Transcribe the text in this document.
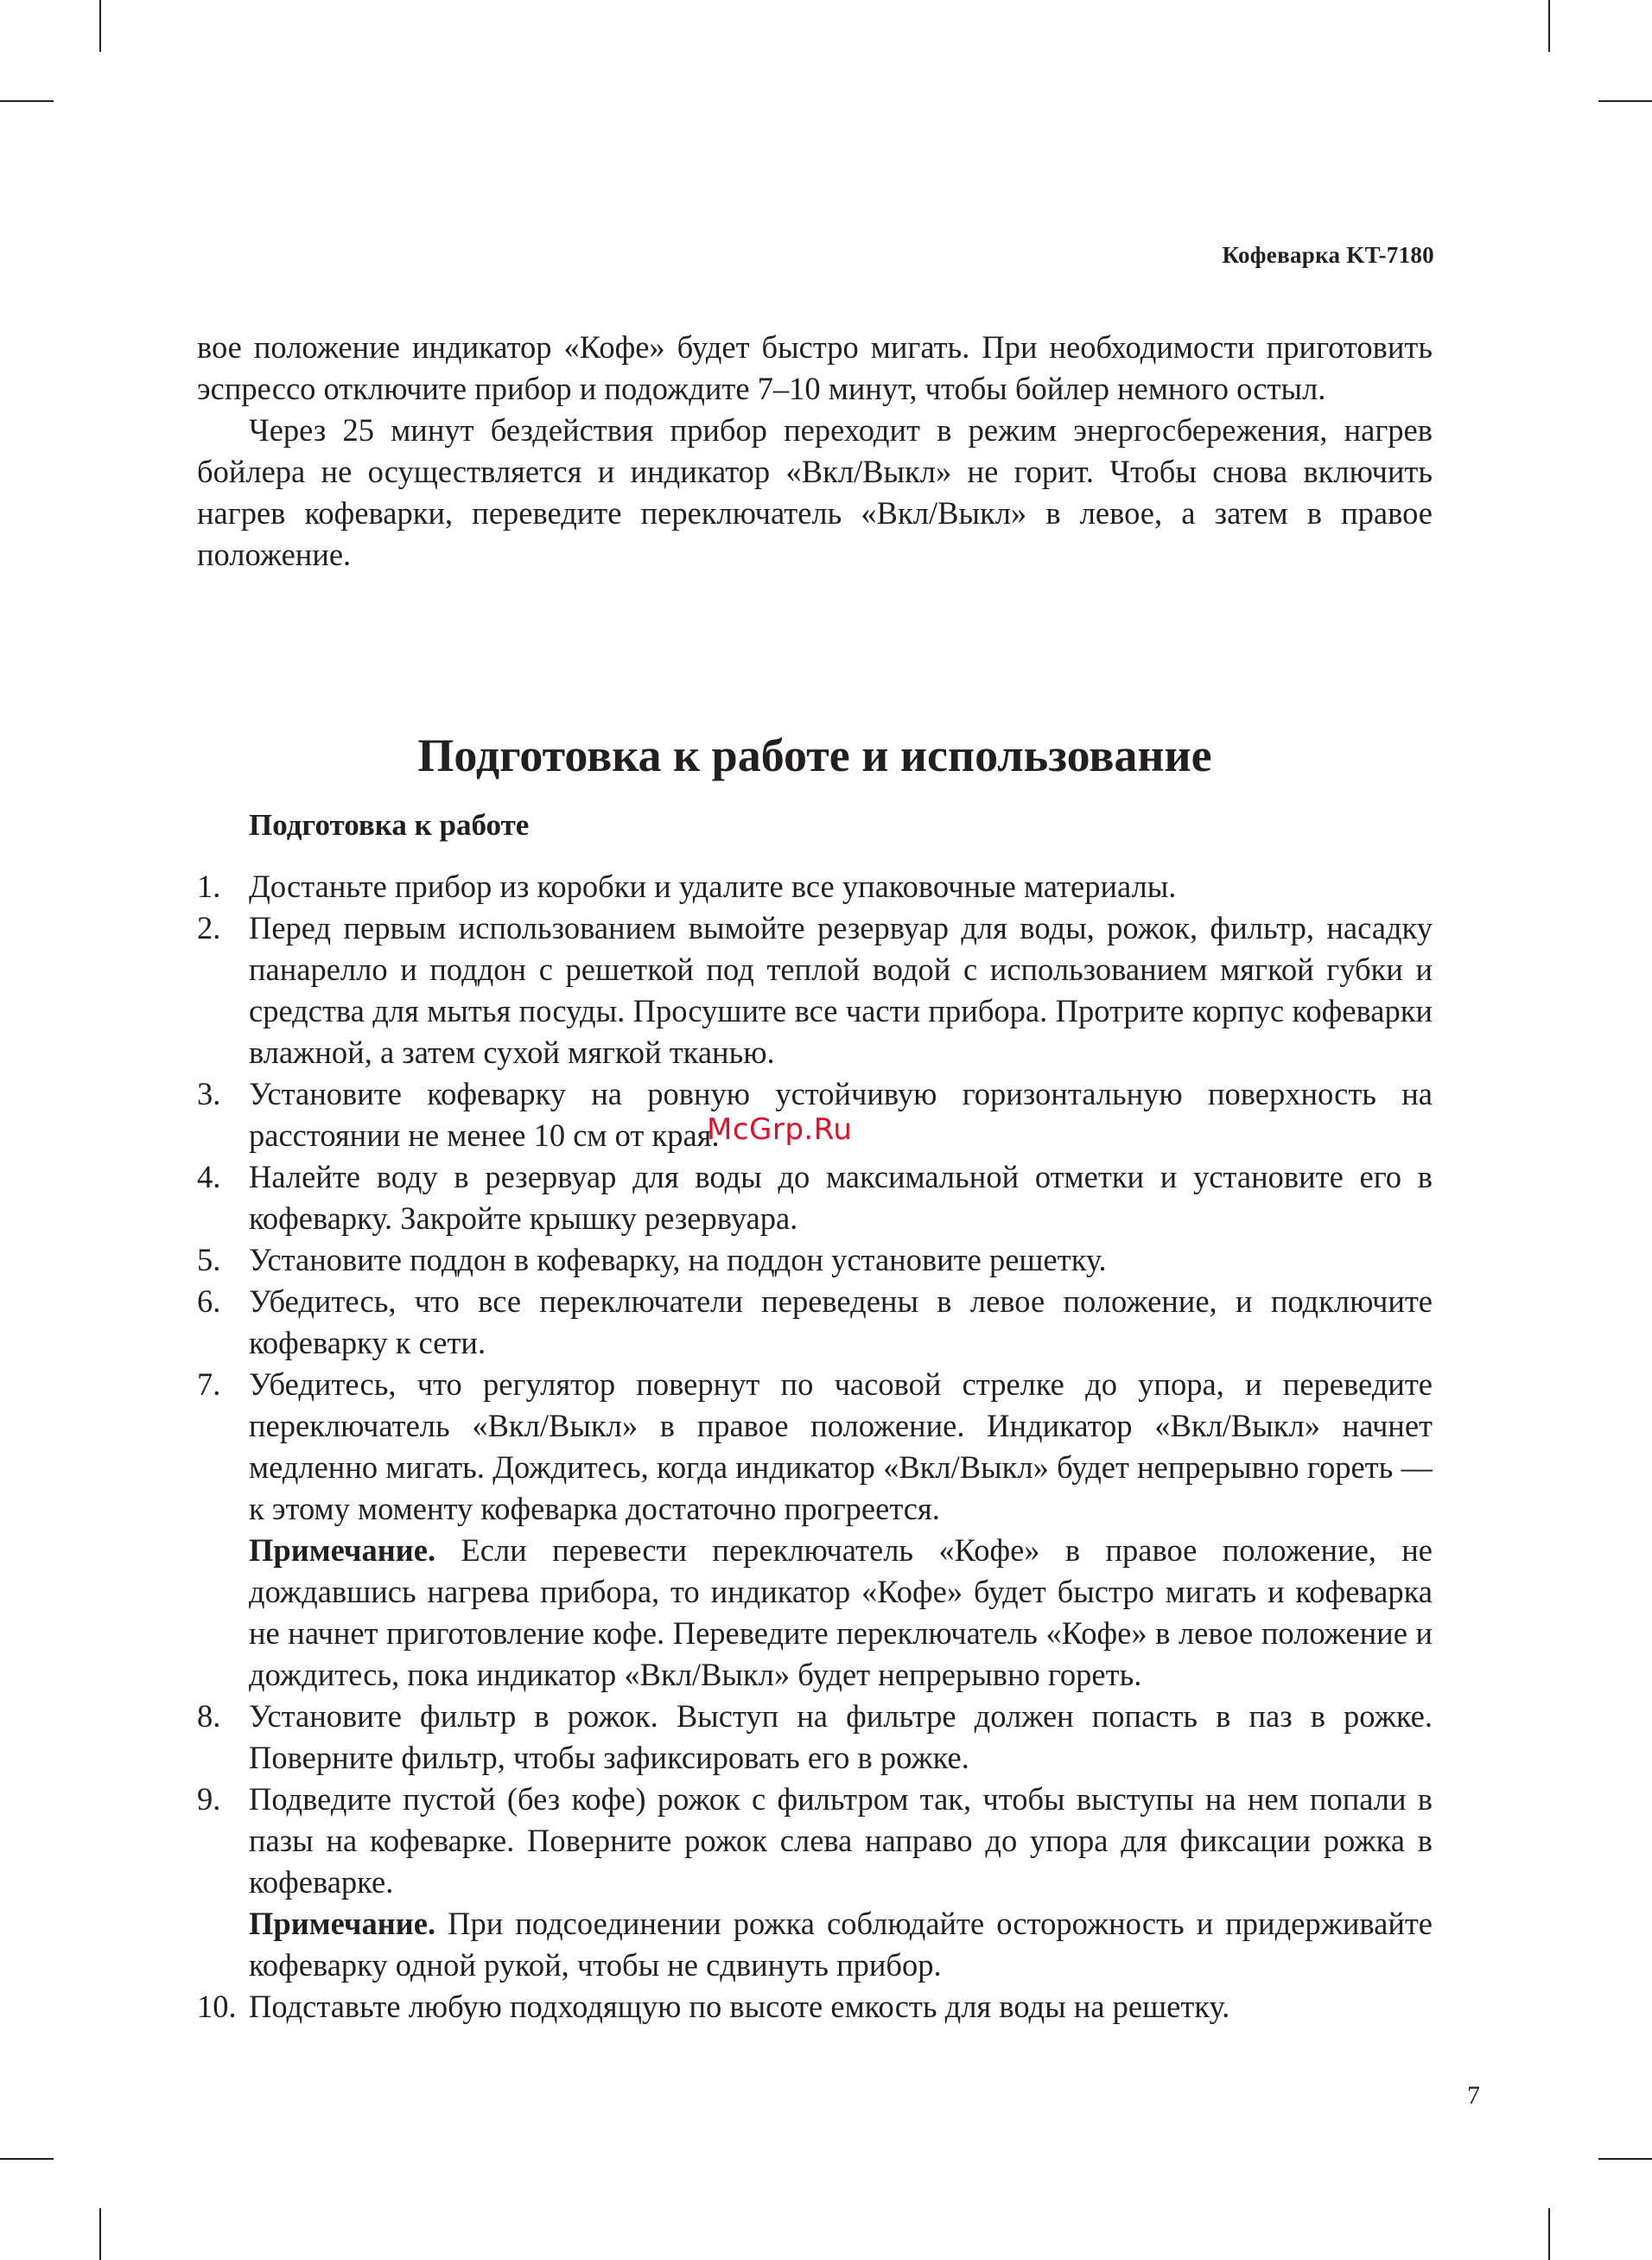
Кофеварка KT-7180

вое положение индикатор «Кофе» будет быстро мигать. При необходимости приготовить эспрессо отключите прибор и подождите 7–10 минут, чтобы бойлер немного остыл.

Через 25 минут бездействия прибор переходит в режим энергосбережения, нагрев бойлера не осуществляется и индикатор «Вкл/Выкл» не горит. Чтобы снова включить нагрев кофеварки, переведите переключатель «Вкл/Выкл» в левое, а затем в правое положение.

Подготовка к работе и использование
Подготовка к работе
1. Достаньте прибор из коробки и удалите все упаковочные материалы.
2. Перед первым использованием вымойте резервуар для воды, рожок, фильтр, насадку панарелло и поддон с решеткой под теплой водой с использованием мягкой губки и средства для мытья посуды. Просушите все части прибора. Протрите корпус кофеварки влажной, а затем сухой мягкой тканью.
3. Установите кофеварку на ровную устойчивую горизонтальную поверхность на расстоянии не менее 10 см от края.
4. Налейте воду в резервуар для воды до максимальной отметки и установите его в кофеварку. Закройте крышку резервуара.
5. Установите поддон в кофеварку, на поддон установите решетку.
6. Убедитесь, что все переключатели переведены в левое положение, и подключите кофеварку к сети.
7. Убедитесь, что регулятор повернут по часовой стрелке до упора, и переведите переключатель «Вкл/Выкл» в правое положение. Индикатор «Вкл/Выкл» начнет медленно мигать. Дождитесь, когда индикатор «Вкл/Выкл» будет непрерывно гореть — к этому моменту кофеварка достаточно прогреется.
Примечание. Если перевести переключатель «Кофе» в правое положение, не дождавшись нагрева прибора, то индикатор «Кофе» будет быстро мигать и кофеварка не начнет приготовление кофе. Переведите переключатель «Кофе» в левое положение и дождитесь, пока индикатор «Вкл/Выкл» будет непрерывно гореть.
8. Установите фильтр в рожок. Выступ на фильтре должен попасть в паз в рожке. Поверните фильтр, чтобы зафиксировать его в рожке.
9. Подведите пустой (без кофе) рожок с фильтром так, чтобы выступы на нем попали в пазы на кофеварке. Поверните рожок слева направо до упора для фиксации рожка в кофеварке.
Примечание. При подсоединении рожка соблюдайте осторожность и придерживайте кофеварку одной рукой, чтобы не сдвинуть прибор.
10. Подставьте любую подходящую по высоте емкость для воды на решетку.
McGrp.Ru
7
